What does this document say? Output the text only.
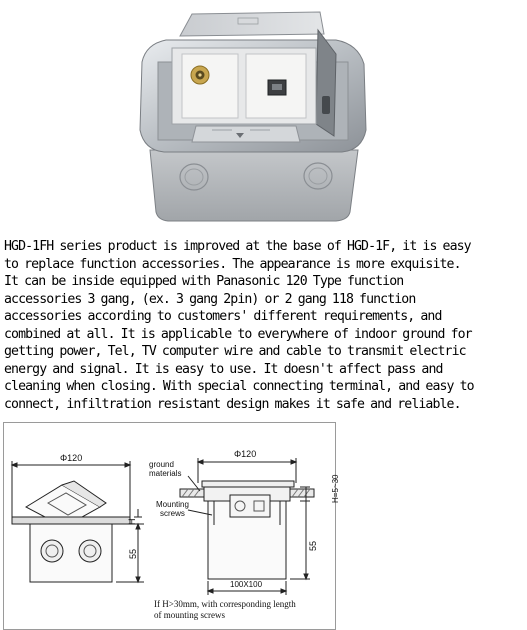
HGD-1FH series product is improved at the base of HGD-1F, it is easy
to replace function accessories. The appearance is more exquisite.
It can be inside equipped with Panasonic 120 Type function
accessories 3 gang, (ex. 3 gang 2pin) or 2 gang 118 function
accessories according to customers' different requirements, and
combined at all. It is applicable to everywhere of indoor ground for
getting power, Tel, TV computer wire and cable to transmit electric
energy and signal. It is easy to use. It doesn't affect pass and
cleaning when closing. With special connecting terminal, and easy to
connect, infiltration resistant design makes it safe and reliable.
Φ120
H
55
Φ120
ground
materials
Mounting
screws
H=5~30
55
100X100
If H>30mm, with corresponding length
of mounting screws
